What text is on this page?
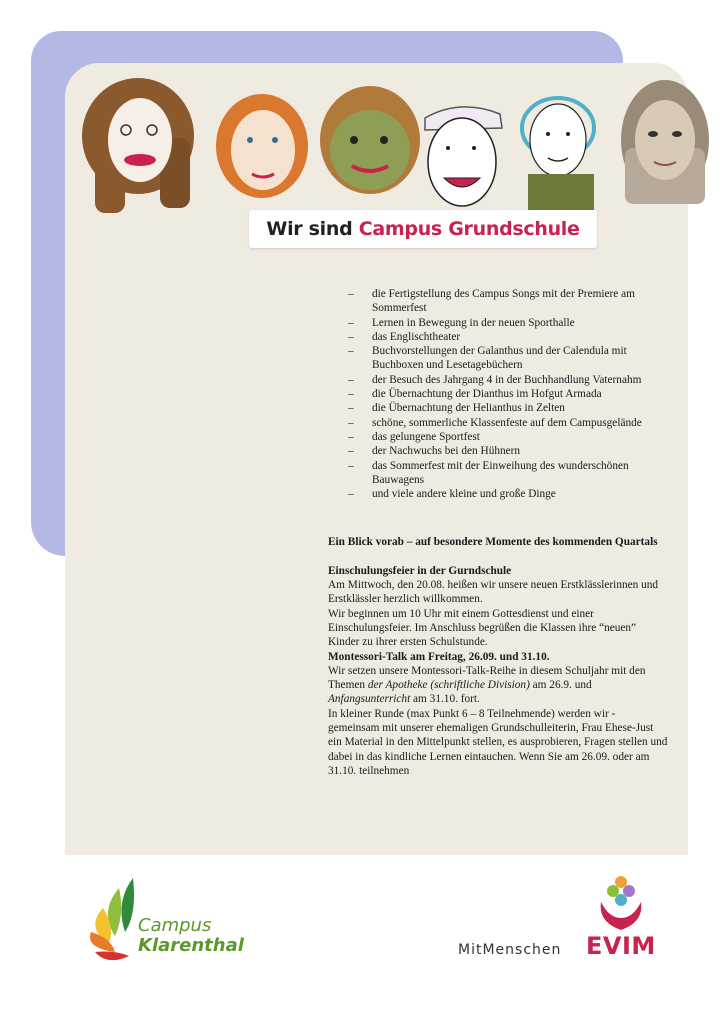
Wir sind Campus Grundschule
– die Fertigstellung des Campus Songs mit der Premiere am Sommerfest
– Lernen in Bewegung in der neuen Sporthalle
– das Englischtheater
– Buchvorstellungen der Galanthus und der Calendula mit Buchboxen und Lesetagebüchern
– der Besuch des Jahrgang 4 in der Buchhandlung Vaternahm
– die Übernachtung der Dianthus im Hofgut Armada
– die Übernachtung der Helianthus in Zelten
– schöne, sommerliche Klassenfeste auf dem Campusgelände
– das gelungene Sportfest
– der Nachwuchs bei den Hühnern
– das Sommerfest mit der Einweihung des wunderschönen Bauwagens
– und viele andere kleine und große Dinge

Ein Blick vorab – auf besondere Momente des kommenden Quartals

Einschulungsfeier in der Gurndschule

Am Mittwoch, den 20.08. heißen wir unsere neuen Erstklässlerinnen und Erstklässler herzlich willkommen.

Wir beginnen um 10 Uhr mit einem Gottesdienst und einer Einschulungsfeier. Im Anschluss begrüßen die Klassen ihre “neuen” Kinder zu ihrer ersten Schulstunde.

Montessori-Talk am Freitag, 26.09. und 31.10.

Wir setzen unsere Montessori-Talk-Reihe in diesem Schuljahr mit den Themen der Apotheke (schriftliche Division) am 26.9. und Anfangsunterricht am 31.10. fort.

In kleiner Runde (max Punkt 6 – 8 Teilnehmende) werden wir - gemeinsam mit unserer ehemaligen Grundschulleiterin, Frau Ehese-Just ein Material in den Mittelpunkt stellen, es ausprobieren, Fragen stellen und dabei in das kindliche Lernen eintauchen. Wenn Sie am 26.09. oder am 31.10. teilnehmen

Campus
Klarenthal	MitMenschen EVIM
